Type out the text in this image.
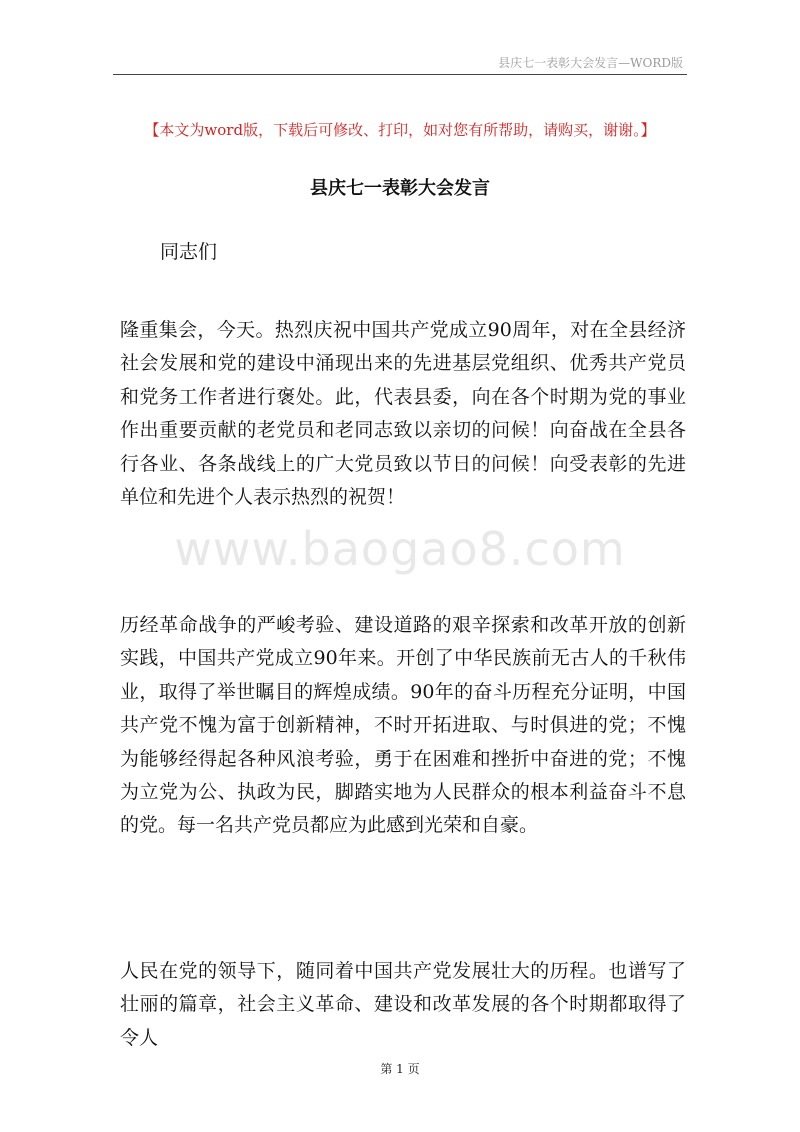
县庆七一表彰大会发言—WORD版
【本文为word版，下载后可修改、打印，如对您有所帮助，请购买，谢谢。】
县庆七一表彰大会发言
同志们
隆重集会，今天。热烈庆祝中国共产党成立90周年，对在全县经济社会发展和党的建设中涌现出来的先进基层党组织、优秀共产党员和党务工作者进行褒处。此，代表县委，向在各个时期为党的事业作出重要贡献的老党员和老同志致以亲切的问候！向奋战在全县各行各业、各条战线上的广大党员致以节日的问候！向受表彰的先进单位和先进个人表示热烈的祝贺！
历经革命战争的严峻考验、建设道路的艰辛探索和改革开放的创新实践，中国共产党成立90年来。开创了中华民族前无古人的千秋伟业，取得了举世瞩目的辉煌成绩。90年的奋斗历程充分证明，中国共产党不愧为富于创新精神，不时开拓进取、与时俱进的党；不愧为能够经得起各种风浪考验，勇于在困难和挫折中奋进的党；不愧为立党为公、执政为民，脚踏实地为人民群众的根本利益奋斗不息的党。每一名共产党员都应为此感到光荣和自豪。
人民在党的领导下，随同着中国共产党发展壮大的历程。也谱写了壮丽的篇章，社会主义革命、建设和改革发展的各个时期都取得了令人
www.baogao8.com
第 1 页
